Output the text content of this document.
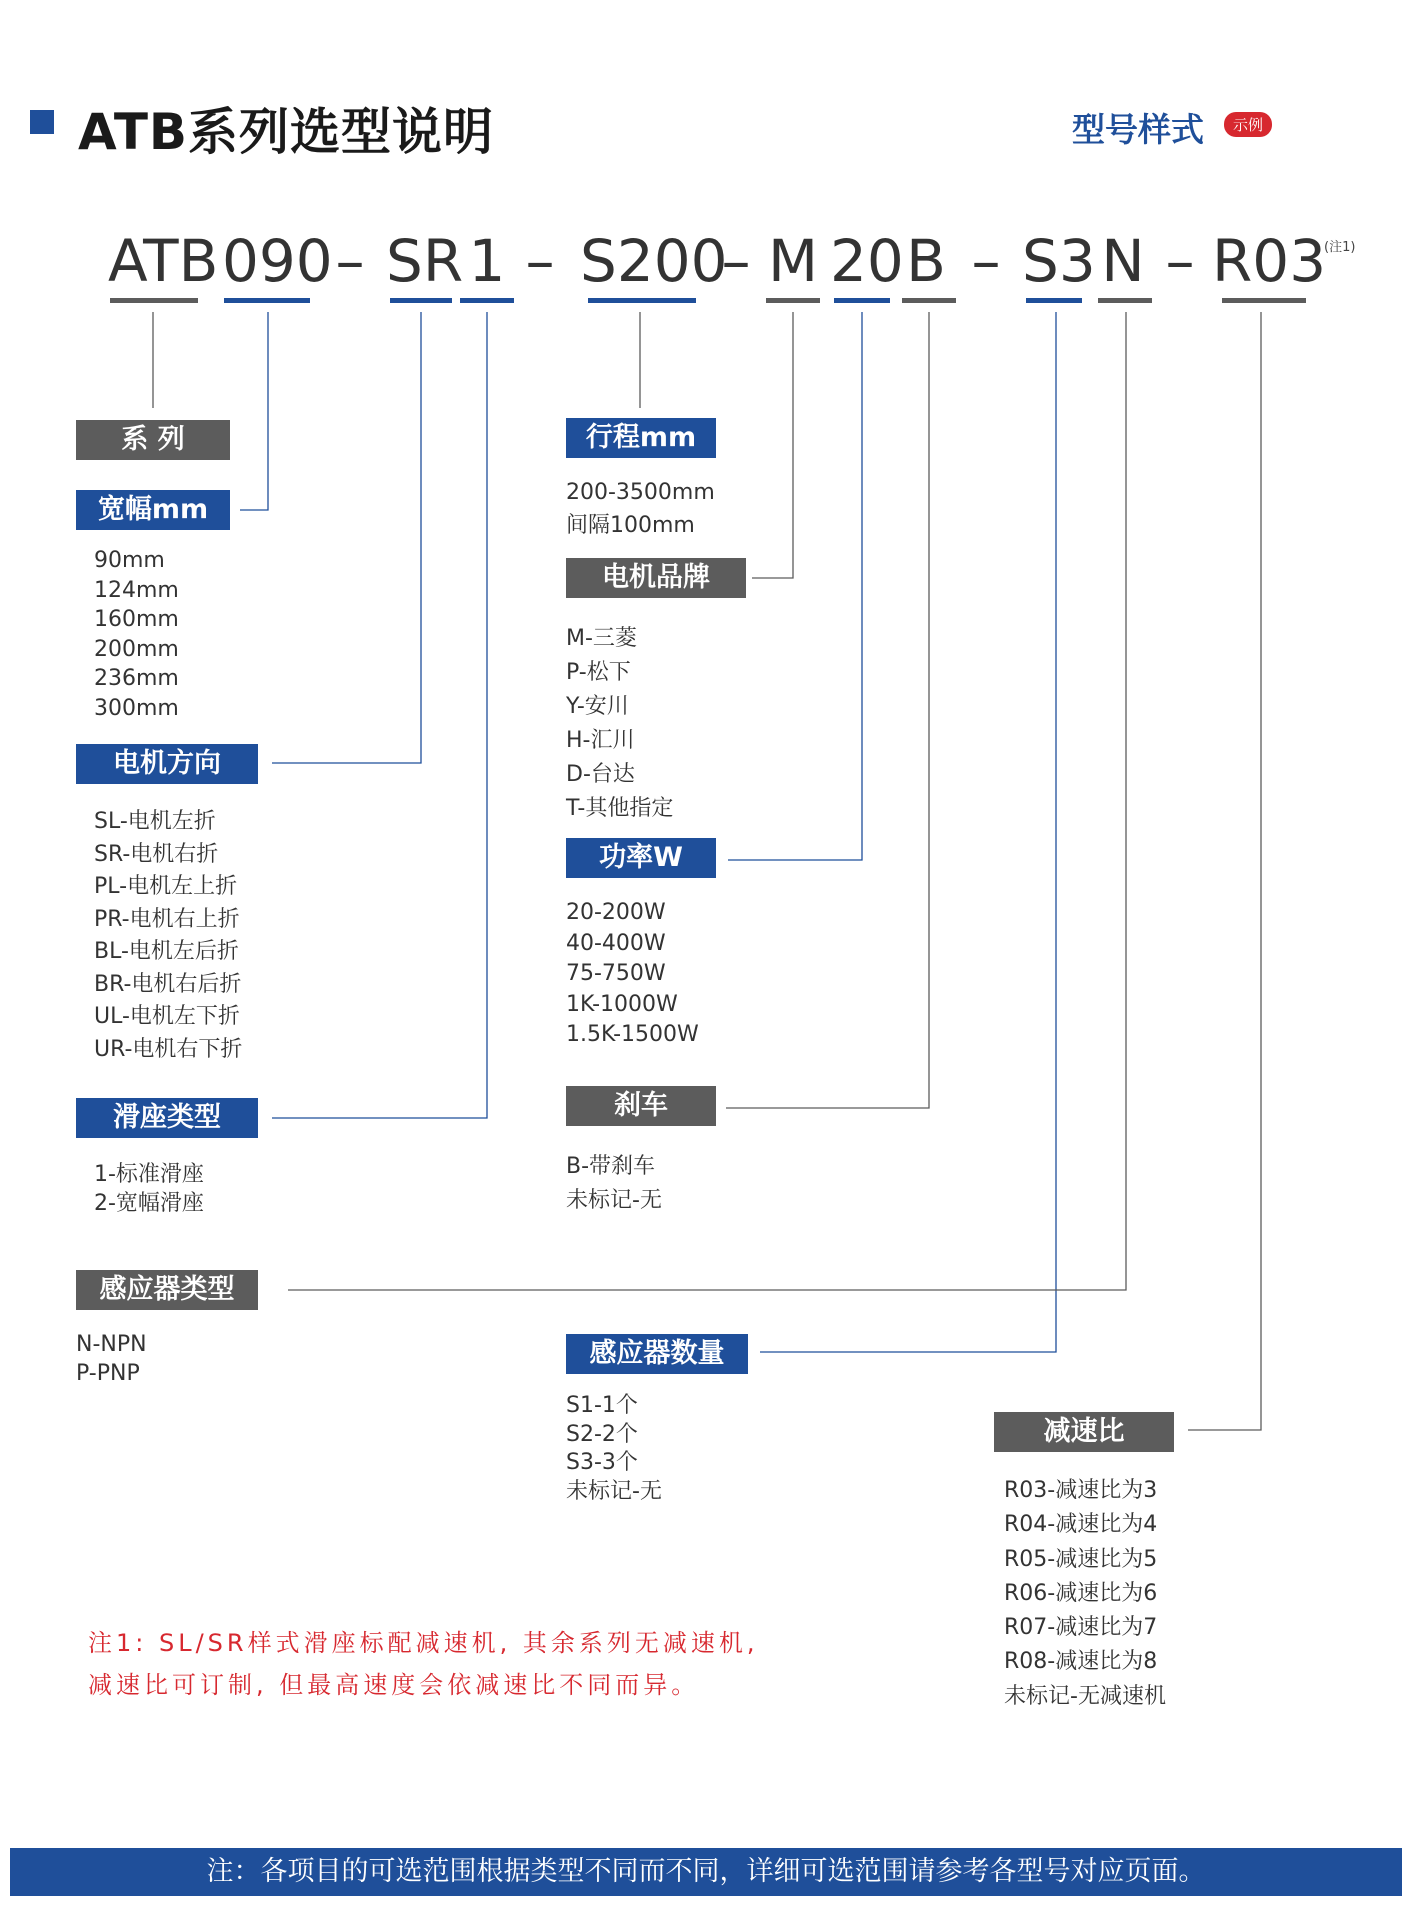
ATB系列选型说明	型号样式	示例
ATB 090 – SR 1 – S200
– M 20 B – S3 N – R03
(注1)
系 列
宽幅mm
90mm
124mm
160mm
200mm
236mm
300mm
电机方向
SL-电机左折
SR-电机右折
PL-电机左上折
PR-电机右上折
BL-电机左后折
BR-电机右后折
UL-电机左下折
UR-电机右下折
滑座类型
1-标准滑座
2-宽幅滑座
感应器类型
N-NPN
P-PNP
行程mm
200-3500mm
间隔100mm
电机品牌
M-三菱
P-松下
Y-安川
H-汇川
D-台达
T-其他指定
功率W
20-200W
40-400W
75-750W
1K-1000W
1.5K-1500W
刹车
B-带刹车
未标记-无
感应器数量
S1-1个
S2-2个
S3-3个
未标记-无
减速比
R03-减速比为3
R04-减速比为4
R05-减速比为5
R06-减速比为6
R07-减速比为7
R08-减速比为8
未标记-无减速机
注1: SL/SR样式滑座标配减速机, 其余系列无减速机,
减速比可订制, 但最高速度会依减速比不同而异。
注：各项目的可选范围根据类型不同而不同，详细可选范围请参考各型号对应页面。
